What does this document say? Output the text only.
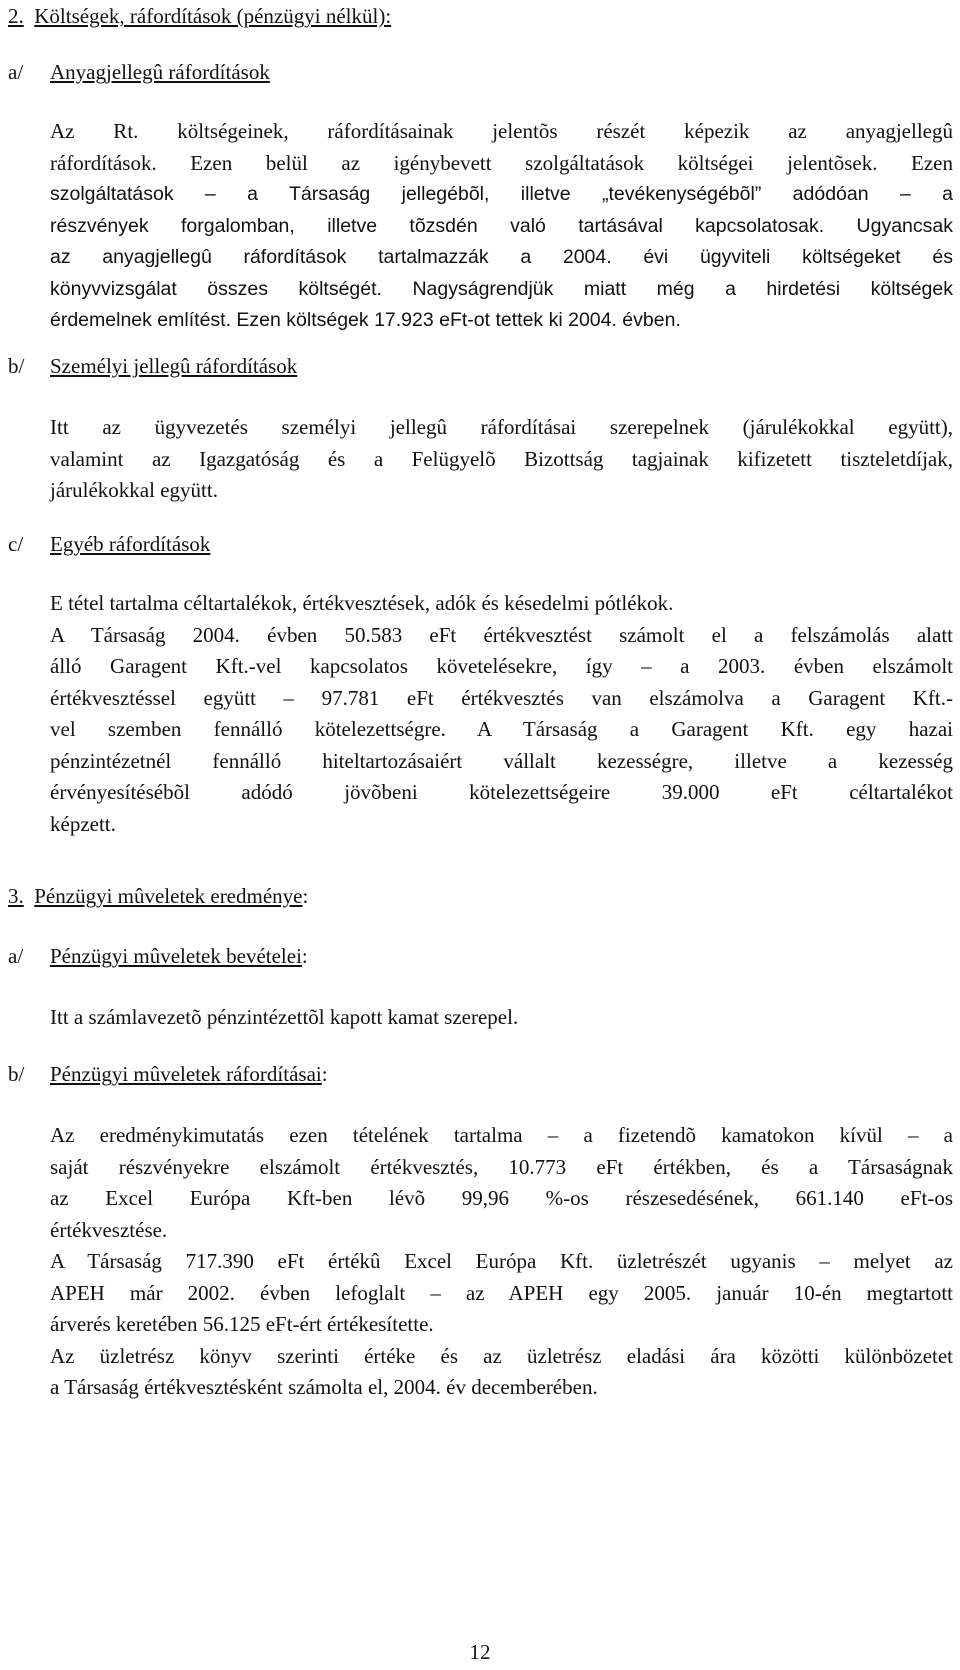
2. Költségek, ráfordítások (pénzügyi nélkül):
a/ Anyagjellegû ráfordítások

Az Rt. költségeinek, ráfordításainak jelentõs részét képezik az anyagjellegû

ráfordítások. Ezen belül az igénybevett szolgáltatások költségei jelentõsek. Ezen

szolgáltatások – a Társaság jellegébõl, illetve „tevékenységébõl” adódóan – a

részvények forgalomban, illetve tõzsdén való tartásával kapcsolatosak. Ugyancsak

az anyagjellegû ráfordítások tartalmazzák a 2004. évi ügyviteli költségeket és

könyvvizsgálat összes költségét. Nagyságrendjük miatt még a hirdetési költségek

érdemelnek említést. Ezen költségek 17.923 eFt-ot tettek ki 2004. évben.

b/ Személyi jellegû ráfordítások

Itt az ügyvezetés személyi jellegû ráfordításai szerepelnek (járulékokkal együtt),

valamint az Igazgatóság és a Felügyelõ Bizottság tagjainak kifizetett tiszteletdíjak,

járulékokkal együtt.

c/ Egyéb ráfordítások

E tétel tartalma céltartalékok, értékvesztések, adók és késedelmi pótlékok.

A Társaság 2004. évben 50.583 eFt értékvesztést számolt el a felszámolás alatt

álló Garagent Kft.-vel kapcsolatos követelésekre, így – a 2003. évben elszámolt

értékvesztéssel együtt – 97.781 eFt értékvesztés van elszámolva a Garagent Kft.-

vel szemben fennálló kötelezettségre. A Társaság a Garagent Kft. egy hazai

pénzintézetnél fennálló hiteltartozásaiért vállalt kezességre, illetve a kezesség

érvényesítésébõl adódó jövõbeni kötelezettségeire 39.000 eFt céltartalékot

képzett.

3. Pénzügyi mûveletek eredménye:
a/ Pénzügyi mûveletek bevételei:

Itt a számlavezetõ pénzintézettõl kapott kamat szerepel.

b/ Pénzügyi mûveletek ráfordításai:

Az eredménykimutatás ezen tételének tartalma – a fizetendõ kamatokon kívül – a

saját részvényekre elszámolt értékvesztés, 10.773 eFt értékben, és a Társaságnak

az Excel Európa Kft-ben lévõ 99,96 %-os részesedésének, 661.140 eFt-os

értékvesztése.

A Társaság 717.390 eFt értékû Excel Európa Kft. üzletrészét ugyanis – melyet az

APEH már 2002. évben lefoglalt – az APEH egy 2005. január 10-én megtartott

árverés keretében 56.125 eFt-ért értékesítette.

Az üzletrész könyv szerinti értéke és az üzletrész eladási ára közötti különbözetet

a Társaság értékvesztésként számolta el, 2004. év decemberében.

12
